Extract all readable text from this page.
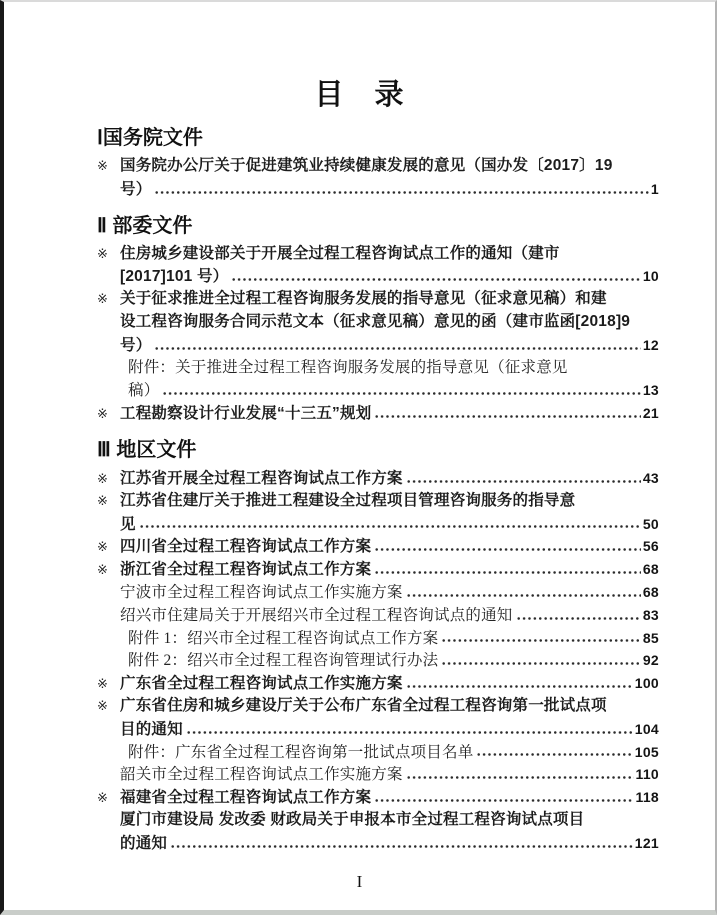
目　录
Ⅰ国务院文件
※ 国务院办公厅关于促进建筑业持续健康发展的意见（国办发〔2017〕19
号）	1
Ⅱ 部委文件
※ 住房城乡建设部关于开展全过程工程咨询试点工作的通知（建市
[2017]101 号）	10
※ 关于征求推进全过程工程咨询服务发展的指导意见（征求意见稿）和建
设工程咨询服务合同示范文本（征求意见稿）意见的函（建市监函[2018]9
号）	12
附件：关于推进全过程工程咨询服务发展的指导意见（征求意见
稿）	13
※ 工程勘察设计行业发展“十三五”规划	21
Ⅲ 地区文件
※ 江苏省开展全过程工程咨询试点工作方案	43
※ 江苏省住建厅关于推进工程建设全过程项目管理咨询服务的指导意
见	50
※ 四川省全过程工程咨询试点工作方案	56
※ 浙江省全过程工程咨询试点工作方案	68
宁波市全过程工程咨询试点工作实施方案	68
绍兴市住建局关于开展绍兴市全过程工程咨询试点的通知	83
附件 1：绍兴市全过程工程咨询试点工作方案	85
附件 2：绍兴市全过程工程咨询管理试行办法	92
※ 广东省全过程工程咨询试点工作实施方案	100
※ 广东省住房和城乡建设厅关于公布广东省全过程工程咨询第一批试点项
目的通知	104
附件：广东省全过程工程咨询第一批试点项目名单	105
韶关市全过程工程咨询试点工作实施方案	110
※ 福建省全过程工程咨询试点工作方案	118
厦门市建设局 发改委 财政局关于申报本市全过程工程咨询试点项目
的通知	121
I
